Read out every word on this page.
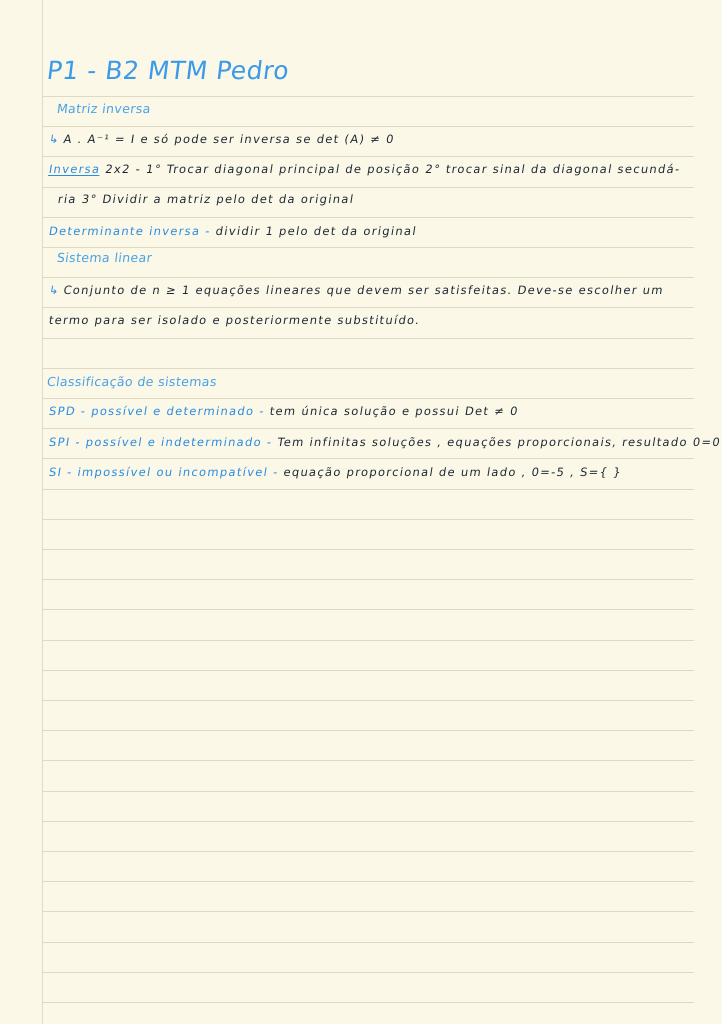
P1 - B2 MTM Pedro
Matriz inversa
↳ A . A⁻¹ = I e só pode ser inversa se det (A) ≠ 0
Inversa 2x2 - 1° Trocar diagonal principal de posição 2° trocar sinal da diagonal secundá-
ria 3° Dividir a matriz pelo det da original
Determinante inversa - dividir 1 pelo det da original
Sistema linear
↳ Conjunto de n ≥ 1 equações lineares que devem ser satisfeitas. Deve-se escolher um
termo para ser isolado e posteriormente substituído.
Classificação de sistemas
SPD - possível e determinado - tem única solução e possui Det ≠ 0
SPI - possível e indeterminado - Tem infinitas soluções , equações proporcionais, resultado 0=0
SI - impossível ou incompatível - equação proporcional de um lado , 0=-5 , S={ }
